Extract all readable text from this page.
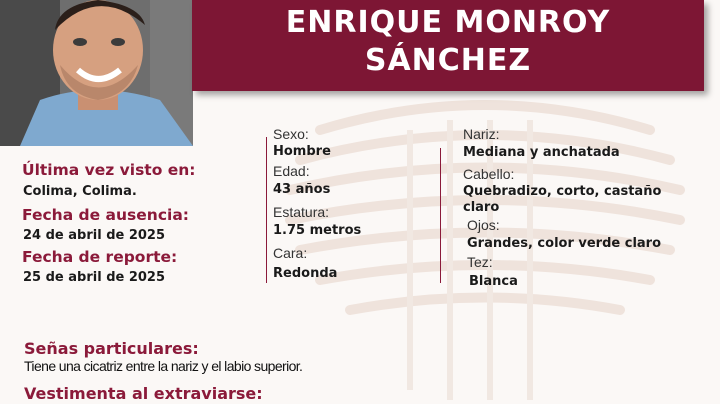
ENRIQUE MONROY
SÁNCHEZ
Última vez visto en:
Colima, Colima.
Fecha de ausencia:
24 de abril de 2025
Fecha de reporte:
25 de abril de 2025
Sexo:
Hombre
Edad:
43 años
Estatura:
1.75 metros
Cara:
Redonda
Nariz:
Mediana y anchatada
Cabello:
Quebradizo, corto, castaño
claro
Ojos:
Grandes, color verde claro
Tez:
Blanca
Señas particulares:
Tiene una cicatriz entre la nariz y el labio superior.
Vestimenta al extraviarse:
